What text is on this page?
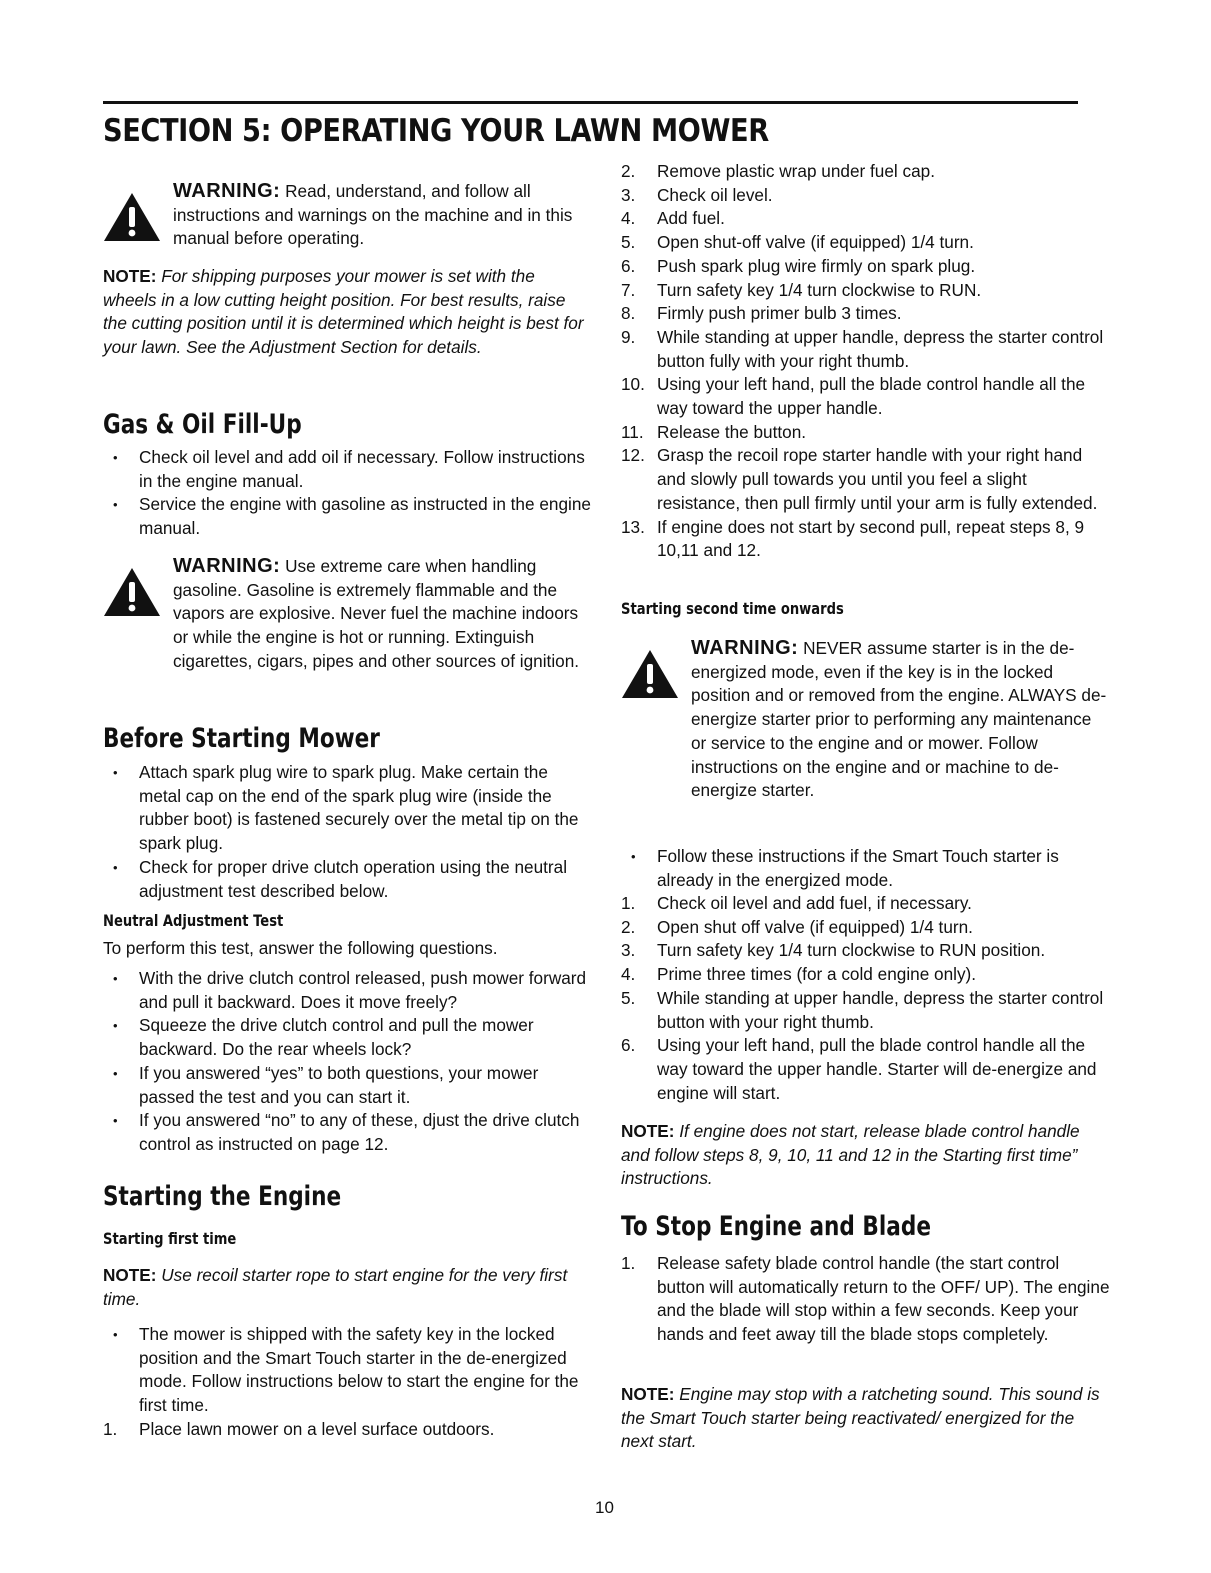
SECTION 5: OPERATING YOUR LAWN MOWER

WARNING: Read, understand, and follow all instructions and warnings on the machine and in this manual before operating.

NOTE: For shipping purposes your mower is set with the wheels in a low cutting height position. For best results, raise the cutting position until it is determined which height is best for your lawn. See the Adjustment Section for details.

Gas & Oil Fill-Up
• Check oil level and add oil if necessary. Follow instructions in the engine manual.
• Service the engine with gasoline as instructed in the engine manual.

WARNING: Use extreme care when handling gasoline. Gasoline is extremely flammable and the vapors are explosive. Never fuel the machine indoors or while the engine is hot or running. Extinguish cigarettes, cigars, pipes and other sources of ignition.

Before Starting Mower
• Attach spark plug wire to spark plug. Make certain the metal cap on the end of the spark plug wire (inside the rubber boot) is fastened securely over the metal tip on the spark plug.
• Check for proper drive clutch operation using the neutral adjustment test described below.
Neutral Adjustment Test

To perform this test, answer the following questions.

• With the drive clutch control released, push mower forward and pull it backward. Does it move freely?
• Squeeze the drive clutch control and pull the mower backward. Do the rear wheels lock?
• If you answered “yes” to both questions, your mower passed the test and you can start it.
• If you answered “no” to any of these, djust the drive clutch control as instructed on page 12.
Starting the Engine
Starting first time

NOTE: Use recoil starter rope to start engine for the very first time.

• The mower is shipped with the safety key in the locked position and the Smart Touch starter in the de-energized mode. Follow instructions below to start the engine for the first time.
1. Place lawn mower on a level surface outdoors.
2. Remove plastic wrap under fuel cap.
3. Check oil level.
4. Add fuel.
5. Open shut-off valve (if equipped) 1/4 turn.
6. Push spark plug wire firmly on spark plug.
7. Turn safety key 1/4 turn clockwise to RUN.
8. Firmly push primer bulb 3 times.
9. While standing at upper handle, depress the starter control button fully with your right thumb.
10. Using your left hand, pull the blade control handle all the way toward the upper handle.
11. Release the button.
12. Grasp the recoil rope starter handle with your right hand and slowly pull towards you until you feel a slight resistance, then pull firmly until your arm is fully extended.
13. If engine does not start by second pull, repeat steps 8, 9 10,11 and 12.
Starting second time onwards

WARNING: NEVER assume starter is in the de-energized mode, even if the key is in the locked position and or removed from the engine. ALWAYS de-energize starter prior to performing any maintenance or service to the engine and or mower. Follow instructions on the engine and or machine to de-energize starter.

• Follow these instructions if the Smart Touch starter is already in the energized mode.
1. Check oil level and add fuel, if necessary.
2. Open shut off valve (if equipped) 1/4 turn.
3. Turn safety key 1/4 turn clockwise to RUN position.
4. Prime three times (for a cold engine only).
5. While standing at upper handle, depress the starter control button with your right thumb.
6. Using your left hand, pull the blade control handle all the way toward the upper handle. Starter will de-energize and engine will start.

NOTE: If engine does not start, release blade control handle and follow steps 8, 9, 10, 11 and 12 in the Starting first time” instructions.

To Stop Engine and Blade
1. Release safety blade control handle (the start control button will automatically return to the OFF/ UP). The engine and the blade will stop within a few seconds. Keep your hands and feet away till the blade stops completely.

NOTE: Engine may stop with a ratcheting sound. This sound is the Smart Touch starter being reactivated/ energized for the next start.

10
